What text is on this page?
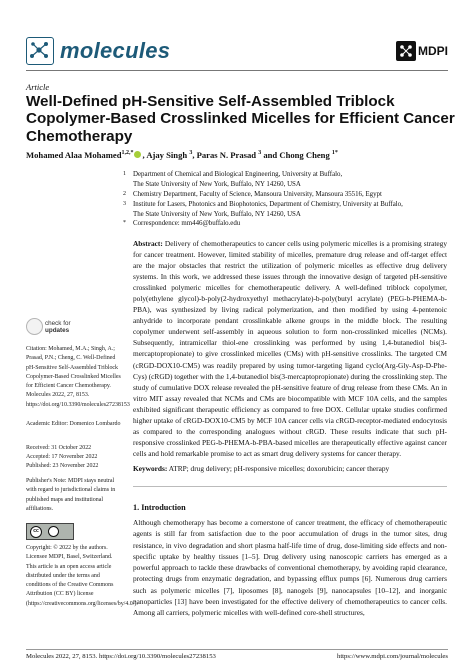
molecules	MDPI
Article
Well-Defined pH-Sensitive Self-Assembled Triblock Copolymer-Based Crosslinked Micelles for Efficient Cancer Chemotherapy
Mohamed Alaa Mohamed$^{1,2,*}$ , Ajay Singh $^3$, Paras N. Prasad $^3$ and Chong Cheng $^{1*}$
1 Department of Chemical and Biological Engineering, University at Buffalo,
The State University of New York, Buffalo, NY 14260, USA
2 Chemistry Department, Faculty of Science, Mansoura University, Mansoura 35516, Egypt
3 Institute for Lasers, Photonics and Biophotonics, Department of Chemistry, University at Buffalo,
The State University of New York, Buffalo, NY 14260, USA
* Correspondence: mm446@buffalo.edu
Abstract: Delivery of chemotherapeutics to cancer cells using polymeric micelles is a promising strategy for cancer treatment. However, limited stability of micelles, premature drug release and off-target effect are the major obstacles that restrict the utilization of polymeric micelles as effective drug delivery systems. In this work, we addressed these issues through the innovative design of targeted pH-sensitive crosslinked polymeric micelles for chemotherapeutic delivery. A well-defined triblock copolymer, poly(ethylene glycol)-b-poly(2-hydroxyethyl methacrylate)-b-poly(butyl acrylate) (PEG-b-PHEMA-b-PBA), was synthesized by living radical polymerization, and then modified by using 4-pentenoic anhydride to incorporate pendant crosslinkable alkene groups in the middle block. The resulting copolymer underwent self-assembly in aqueous solution to form non-crosslinked micelles (NCMs). Subsequently, intramicellar thiol-ene crosslinking was performed by using 1,4-butanediol bis(3-mercaptopropionate) to give crosslinked micelles (CMs) with pH-sensitive crosslinks. The targeted CM (cRGD-DOX10-CM5) was readily prepared by using tumor-targeting ligand cyclo(Arg-Gly-Asp-D-Phe-Cys) (cRGD) together with the 1,4-butanediol bis(3-mercaptopropionate) during the crosslinking step. The study of cumulative DOX release revealed the pH-sensitive feature of drug release from these CMs. An in vitro MIT assay revealed that NCMs and CMs are biocompatible with MCF 10A cells, and the samples exhibited significant therapeutic efficiency as compared to free DOX. Cellular uptake studies confirmed higher uptake of cRGD-DOX10-CM5 by MCF 10A cancer cells via cRGD-receptor-mediated endocytosis as compared to the corresponding analogues without cRGD. These results indicate that such pH-responsive crosslinked PEG-b-PHEMA-b-PBA-based micelles are therapeutically effective against cancer cells and hold remarkable promise to act as smart drug delivery systems for cancer therapy.
Keywords: ATRP; drug delivery; pH-responsive micelles; doxorubicin; cancer therapy
1. Introduction
Although chemotherapy has become a cornerstone of cancer treatment, the efficacy of chemotherapeutic agents is still far from satisfaction due to the poor accumulation of drugs in the tumor sites, drug resistance, in vivo degradation and short plasma half-life time of drug, dose-limiting side effects and non-specific uptake by healthy tissues [1–5]. Drug delivery using nanoscopic carriers has emerged as a powerful approach to tackle these drawbacks of conventional chemotherapy, by avoiding rapid clearance, protecting drugs from enzymatic degradation, and bypassing efflux pumps [6]. Numerous drug carriers such as polymeric micelles [7], liposomes [8], nanogels [9], nanocapsules [10–12], and inorganic nanoparticles [13] have been investigated for the effective delivery of chemotherapeutics to cancer cells. Among all carriers, polymeric micelles with well-defined core-shell structures,
check for
updates
Citation: Mohamed, M.A.; Singh, A.; Prasad, P.N.; Cheng, C. Well-Defined pH-Sensitive Self-Assembled Triblock Copolymer-Based Crosslinked Micelles for Efficient Cancer Chemotherapy. Molecules 2022, 27, 8153. https://doi.org/10.3390/molecules27238153
Academic Editor: Domenico Lombardo
Received: 31 October 2022
Accepted: 17 November 2022
Published: 23 November 2022
Publisher's Note: MDPI stays neutral with regard to jurisdictional claims in published maps and institutional affiliations.
cc
Copyright: © 2022 by the authors. Licensee MDPI, Basel, Switzerland. This article is an open access article distributed under the terms and conditions of the Creative Commons Attribution (CC BY) license (https://creativecommons.org/licenses/by/4.0/).
Molecules 2022, 27, 8153. https://doi.org/10.3390/molecules27238153	https://www.mdpi.com/journal/molecules
